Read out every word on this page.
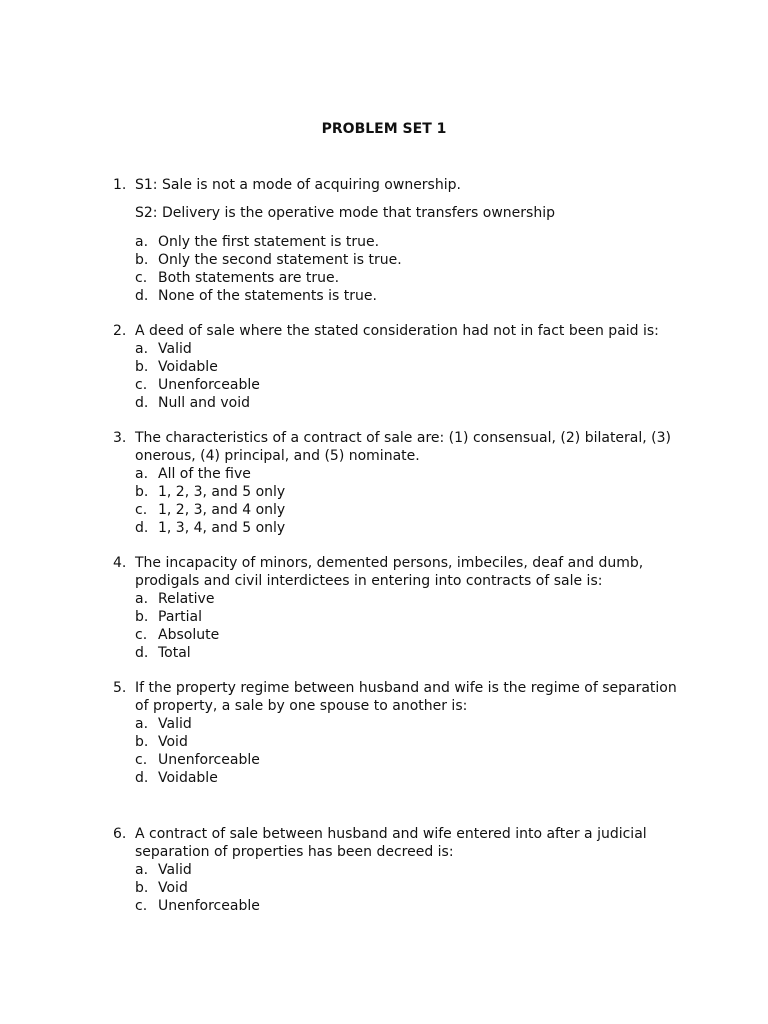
PROBLEM SET 1
1. S1: Sale is not a mode of acquiring ownership.
S2: Delivery is the operative mode that transfers ownership
a. Only the first statement is true.
b. Only the second statement is true.
c. Both statements are true.
d. None of the statements is true.
2. A deed of sale where the stated consideration had not in fact been paid is:
a. Valid
b. Voidable
c. Unenforceable
d. Null and void
3. The characteristics of a contract of sale are: (1) consensual, (2) bilateral, (3) onerous, (4) principal, and (5) nominate.
a. All of the five
b. 1, 2, 3, and 5 only
c. 1, 2, 3, and 4 only
d. 1, 3, 4, and 5 only
4. The incapacity of minors, demented persons, imbeciles, deaf and dumb, prodigals and civil interdictees in entering into contracts of sale is:
a. Relative
b. Partial
c. Absolute
d. Total
5. If the property regime between husband and wife is the regime of separation of property, a sale by one spouse to another is:
a. Valid
b. Void
c. Unenforceable
d. Voidable
6. A contract of sale between husband and wife entered into after a judicial separation of properties has been decreed is:
a. Valid
b. Void
c. Unenforceable
